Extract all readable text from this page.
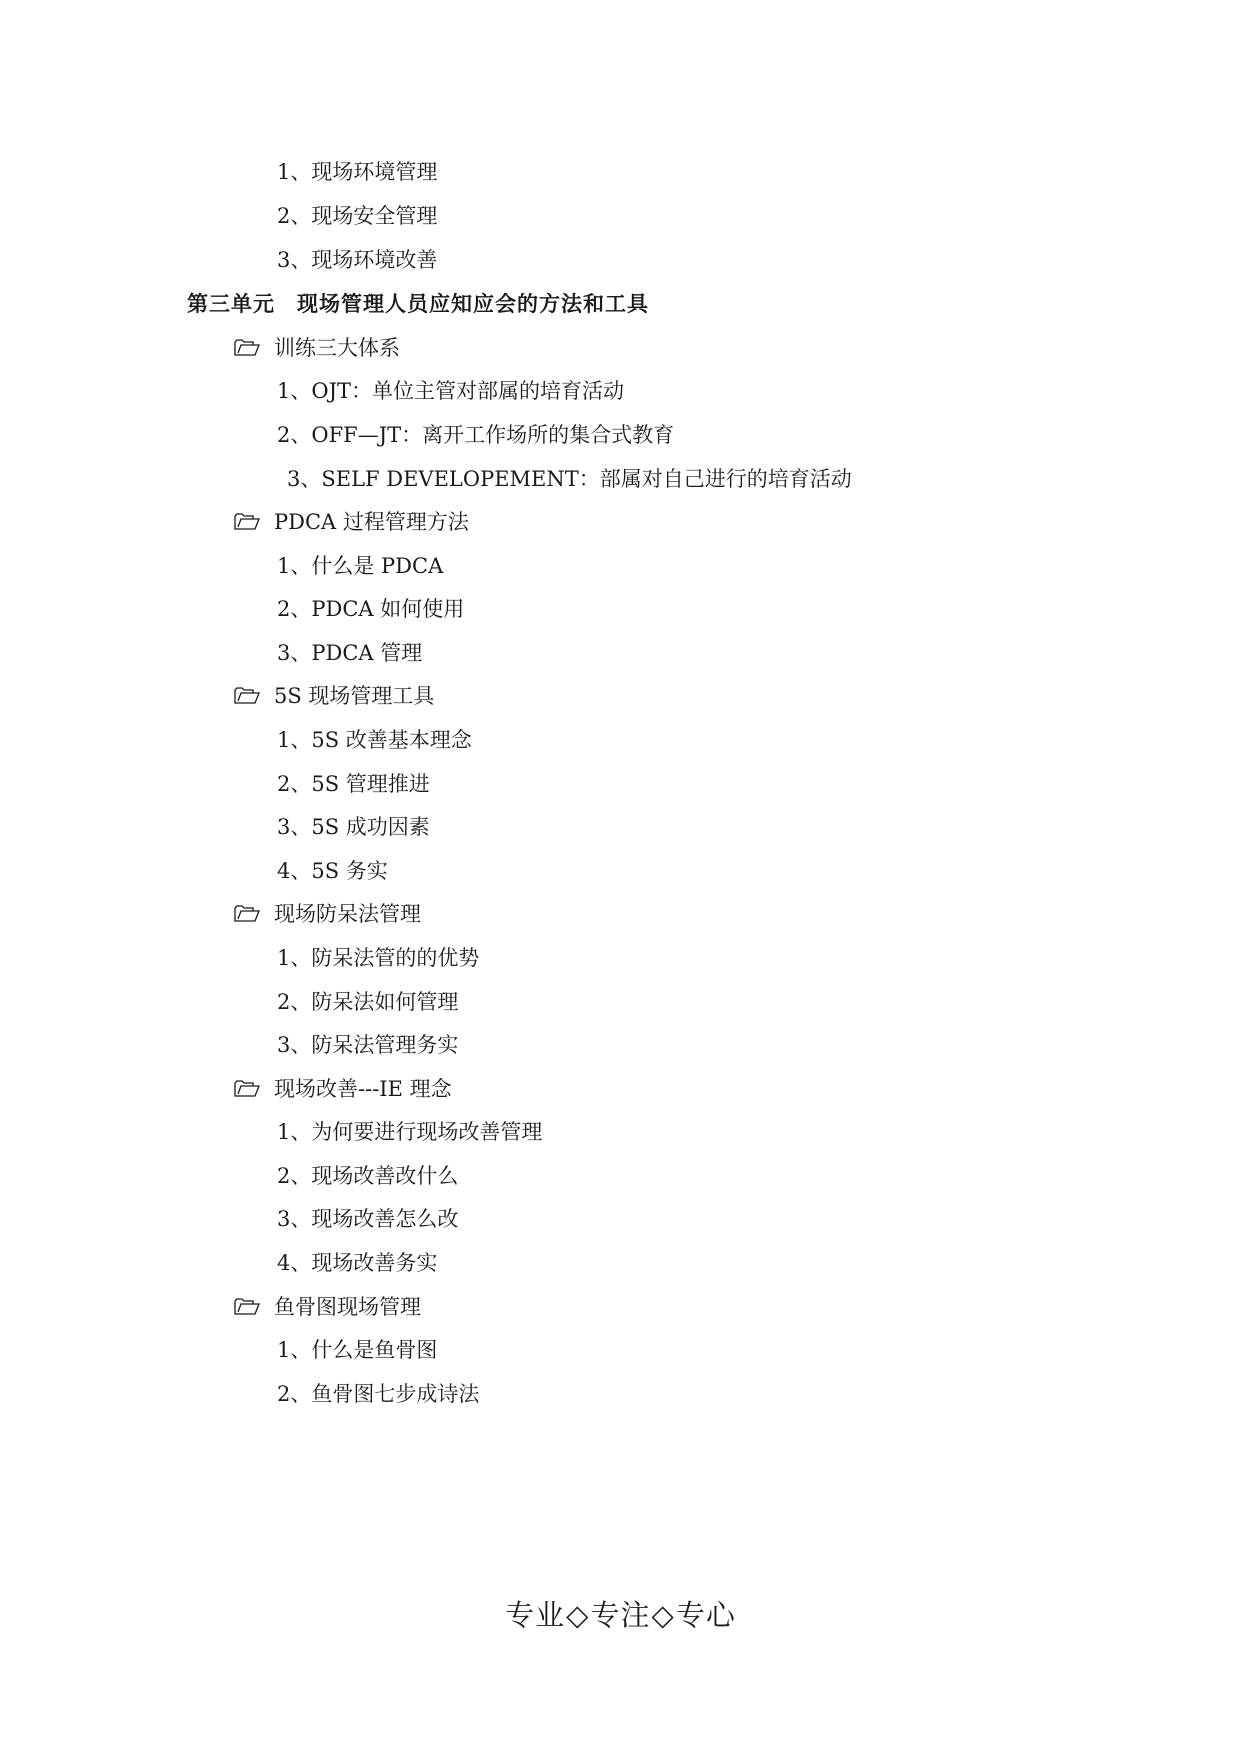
1、现场环境管理
2、现场安全管理
3、现场环境改善
第三单元 现场管理人员应知应会的方法和工具
训练三大体系
1、OJT：单位主管对部属的培育活动
2、OFF—JT：离开工作场所的集合式教育
3、SELF DEVELOPEMENT：部属对自己进行的培育活动
PDCA 过程管理方法
1、什么是 PDCA
2、PDCA 如何使用
3、PDCA 管理
5S 现场管理工具
1、5S 改善基本理念
2、5S 管理推进
3、5S 成功因素
4、5S 务实
现场防呆法管理
1、防呆法管的的优势
2、防呆法如何管理
3、防呆法管理务实
现场改善---IE 理念
1、为何要进行现场改善管理
2、现场改善改什么
3、现场改善怎么改
4、现场改善务实
鱼骨图现场管理
1、什么是鱼骨图
2、鱼骨图七步成诗法
专业◇专注◇专心
